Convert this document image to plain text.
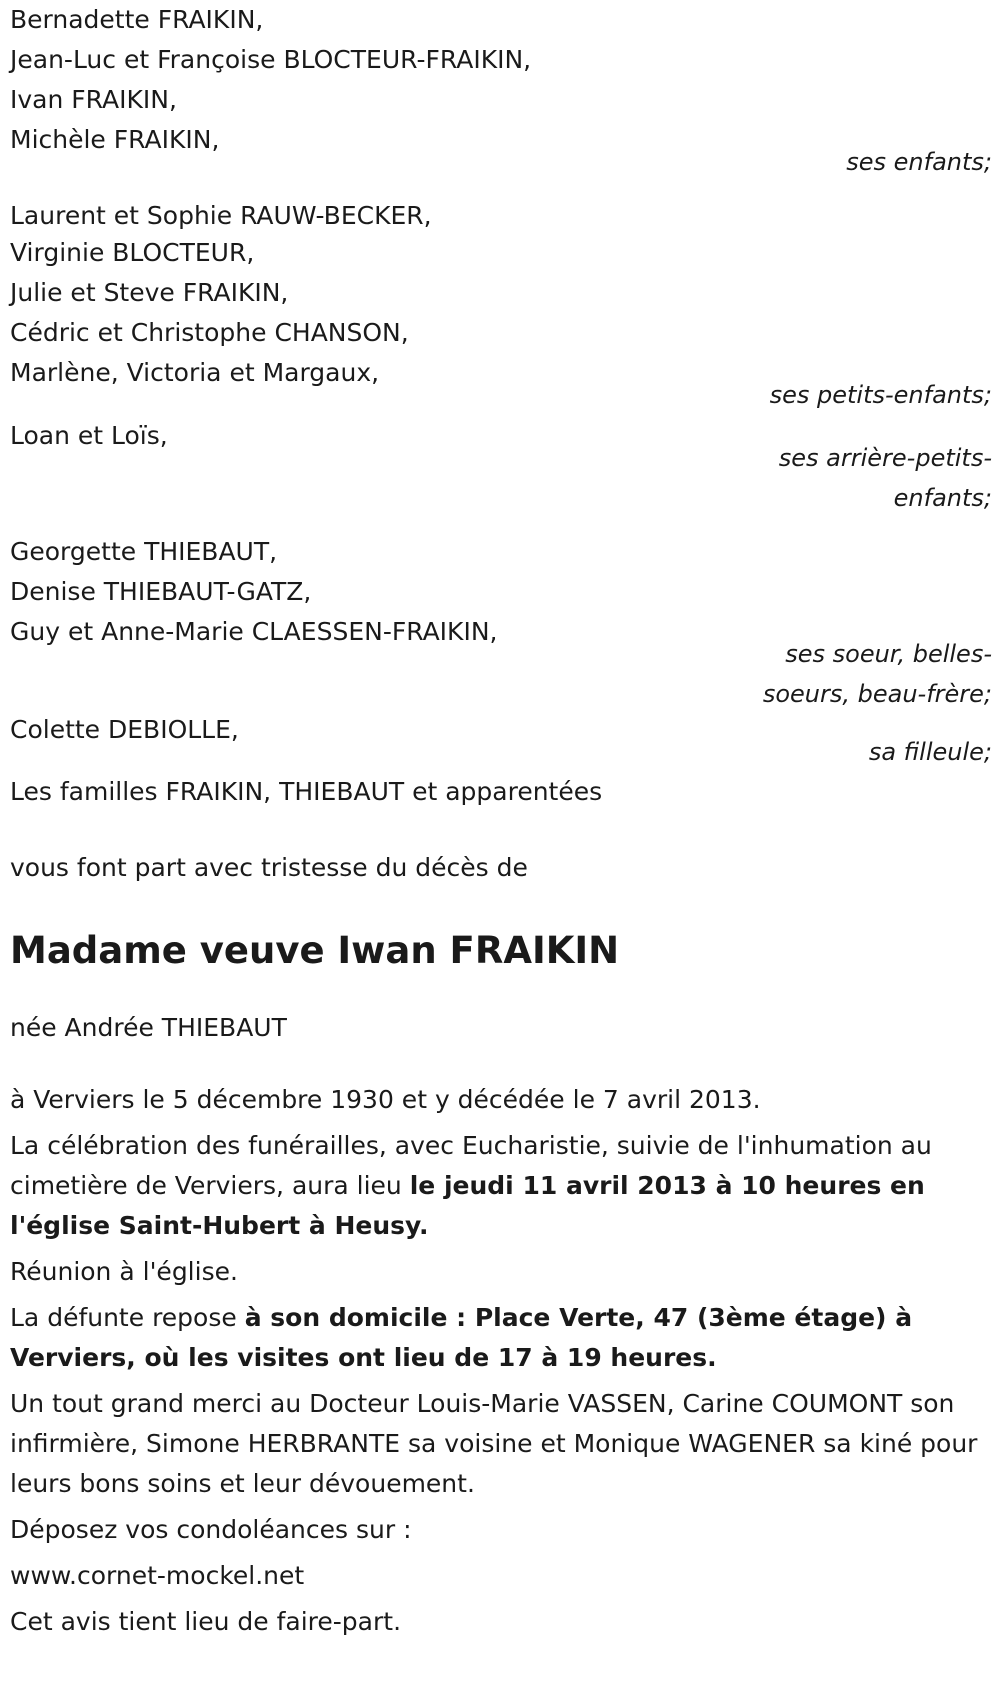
Bernadette FRAIKIN,

Jean-Luc et Françoise BLOCTEUR-FRAIKIN,

Ivan FRAIKIN,

Michèle FRAIKIN,

ses enfants;

Laurent et Sophie RAUW-BECKER,

Virginie BLOCTEUR,

Julie et Steve FRAIKIN,

Cédric et Christophe CHANSON,

Marlène, Victoria et Margaux,

ses petits-enfants;

Loan et Loïs,

ses arrière-petits-

enfants;

Georgette THIEBAUT,

Denise THIEBAUT-GATZ,

Guy et Anne-Marie CLAESSEN-FRAIKIN,

ses soeur, belles-

soeurs, beau-frère;

Colette DEBIOLLE,

sa filleule;

Les familles FRAIKIN, THIEBAUT et apparentées

vous font part avec tristesse du décès de

Madame veuve Iwan FRAIKIN

née Andrée THIEBAUT

à Verviers le 5 décembre 1930 et y décédée le 7 avril 2013.

La célébration des funérailles, avec Eucharistie, suivie de l'inhumation au cimetière de Verviers, aura lieu le jeudi 11 avril 2013 à 10 heures en l'église Saint-Hubert à Heusy.

Réunion à l'église.

La défunte repose à son domicile : Place Verte, 47 (3ème étage) à Verviers, où les visites ont lieu de 17 à 19 heures.

Un tout grand merci au Docteur Louis-Marie VASSEN, Carine COUMONT son infirmière, Simone HERBRANTE sa voisine et Monique WAGENER sa kiné pour leurs bons soins et leur dévouement.

Déposez vos condoléances sur :

www.cornet-mockel.net

Cet avis tient lieu de faire-part.
